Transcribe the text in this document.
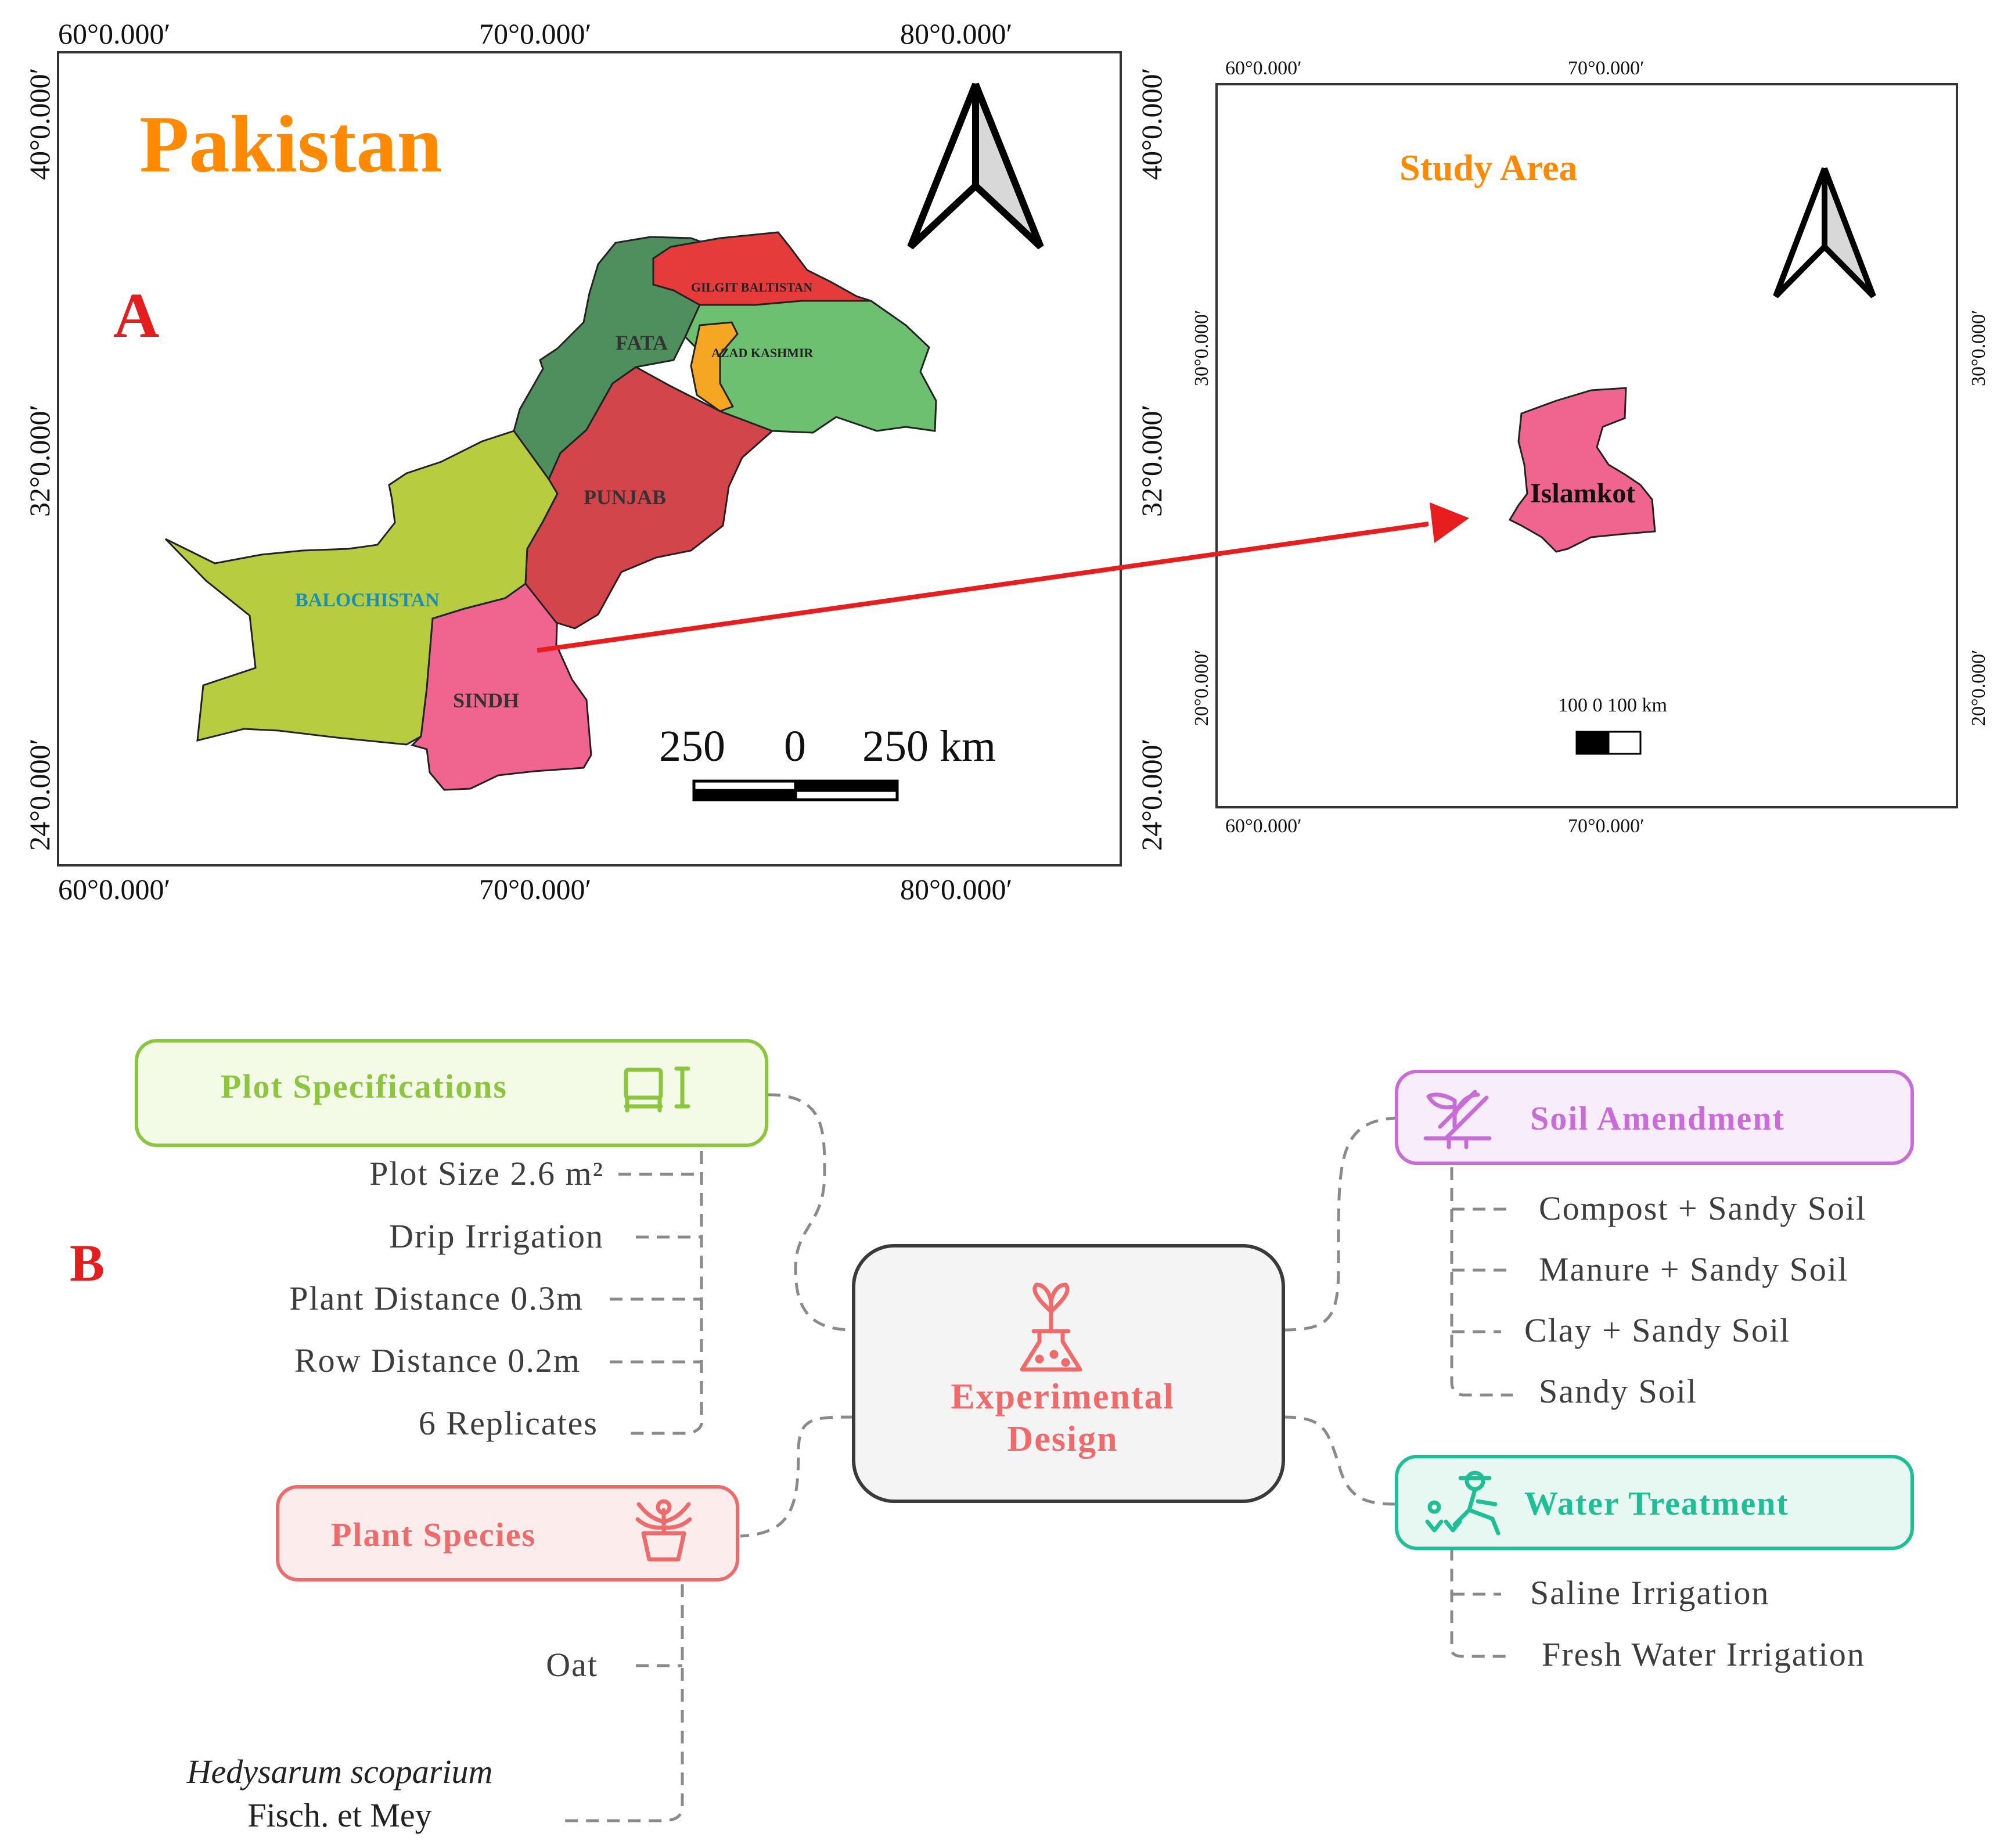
60°0.000′	70°0.000′	80°0.000′
60°0.000′	70°0.000′	80°0.000′
40°0.000′
32°0.000′
24°0.000′
40°0.000′
32°0.000′
24°0.000′
Pakistan
A	GILGIT BALTISTAN
FATA	AZAD KASHMIR
PUNJAB
BALOCHISTAN
SINDH
250 0 250 km
60°0.000′	70°0.000′
60°0.000′	70°0.000′
30°0.000′
20°0.000′
30°0.000′
20°0.000′
Study Area
Islamkot
100 0 100 km
B
Experimental
Design
Plot Specifications
Plot Size 2.6 m²
Drip Irrigation
Plant Distance 0.3m
Row Distance 0.2m
6 Replicates
Plant Species
Oat
Hedysarum scoparium
Fisch. et Mey
Soil Amendment
Compost + Sandy Soil
Manure + Sandy Soil
Clay + Sandy Soil
Sandy Soil
Water Treatment
Saline Irrigation
Fresh Water Irrigation
